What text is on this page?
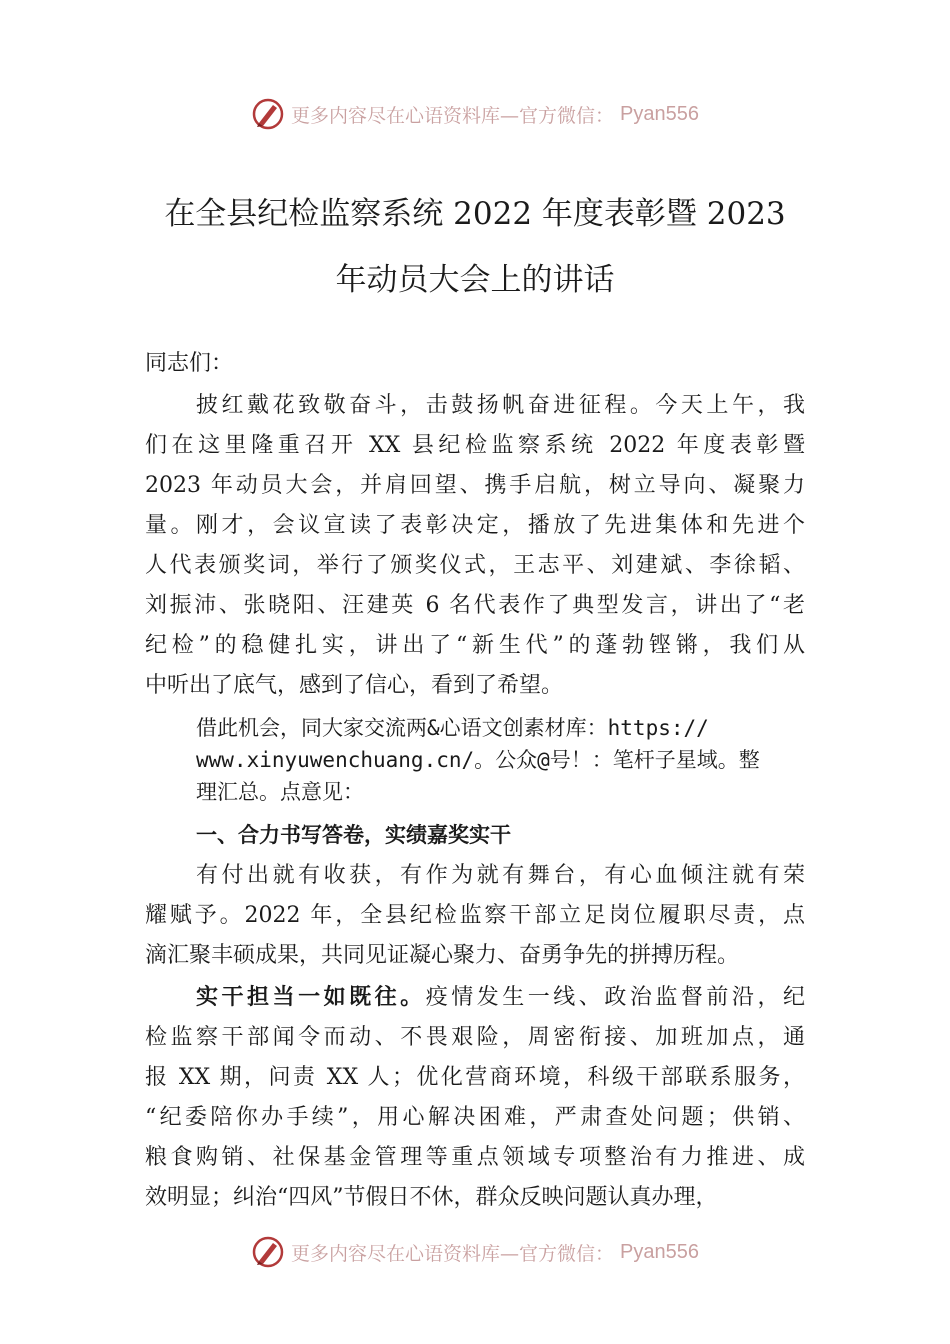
更多内容尽在心语资料库—官方微信： Pyan556
在全县纪检监察系统 2022 年度表彰暨 2023
年动员大会上的讲话
同志们：
披红戴花致敬奋斗，击鼓扬帆奋进征程。今天上午，我
们在这里隆重召开 XX 县纪检监察系统 2022 年度表彰暨
2023 年动员大会，并肩回望、携手启航，树立导向、凝聚力
量。刚才，会议宣读了表彰决定，播放了先进集体和先进个
人代表颁奖词，举行了颁奖仪式，王志平、刘建斌、李徐韬、
刘振沛、张晓阳、汪建英 6 名代表作了典型发言，讲出了“老
纪检”的稳健扎实，讲出了“新生代”的蓬勃铿锵，我们从
中听出了底气，感到了信心，看到了希望。
借此机会，同大家交流两&心语文创素材库：https://
www.xinyuwenchuang.cn/。公众@号！：笔杆子星域。整
理汇总。点意见：
一、合力书写答卷，实绩嘉奖实干
有付出就有收获，有作为就有舞台，有心血倾注就有荣
耀赋予。2022 年，全县纪检监察干部立足岗位履职尽责，点
滴汇聚丰硕成果，共同见证凝心聚力、奋勇争先的拼搏历程。
实干担当一如既往。疫情发生一线、政治监督前沿，纪
检监察干部闻令而动、不畏艰险，周密衔接、加班加点，通
报 XX 期，问责 XX 人；优化营商环境，科级干部联系服务，
“纪委陪你办手续”，用心解决困难，严肃查处问题；供销、
粮食购销、社保基金管理等重点领域专项整治有力推进、成
效明显；纠治“四风”节假日不休，群众反映问题认真办理，
更多内容尽在心语资料库—官方微信： Pyan556
